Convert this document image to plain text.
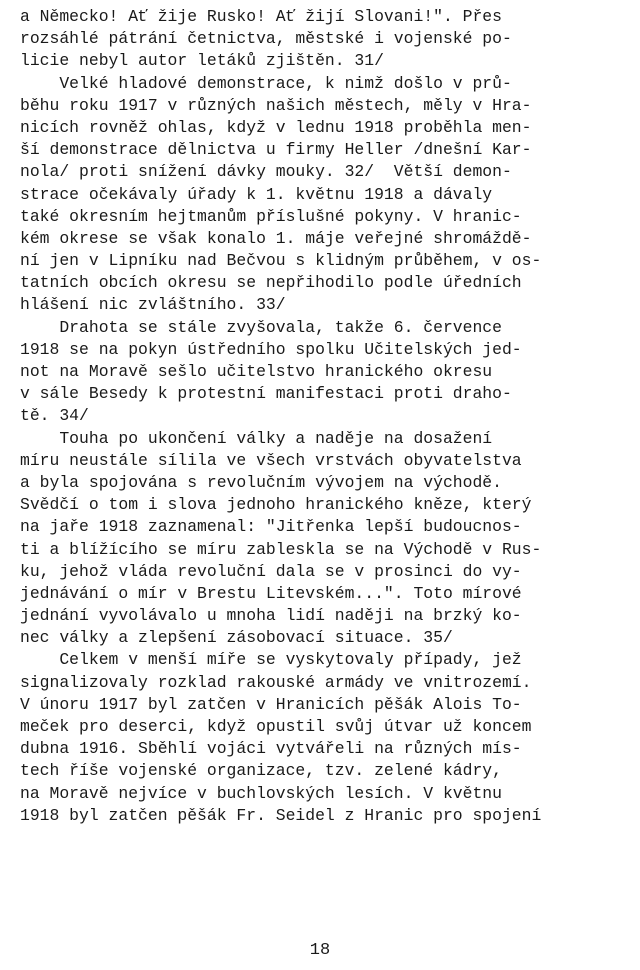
a Německo! Ať žije Rusko! Ať žijí Slovani!". Přes
rozsáhlé pátrání četnictva, městské i vojenské po-
licie nebyl autor letáků zjištěn. 31/
Velké hladové demonstrace, k nimž došlo v prů-
běhu roku 1917 v různých našich městech, měly v Hra-
nicích rovněž ohlas, když v lednu 1918 proběhla men-
ší demonstrace dělnictva u firmy Heller /dnešní Kar-
nola/ proti snížení dávky mouky. 32/  Větší demon-
strace očekávaly úřady k 1. květnu 1918 a dávaly
také okresním hejtmanům příslušné pokyny. V hranic-
kém okrese se však konalo 1. máje veřejné shromáždě-
ní jen v Lipníku nad Bečvou s klidným průběhem, v os-
tatních obcích okresu se nepřihodilo podle úředních
hlášení nic zvláštního. 33/
Drahota se stále zvyšovala, takže 6. července
1918 se na pokyn ústředního spolku Učitelských jed-
not na Moravě sešlo učitelstvo hranického okresu
v sále Besedy k protestní manifestaci proti draho-
tě. 34/
Touha po ukončení války a naděje na dosažení
míru neustále sílila ve všech vrstvách obyvatelstva
a byla spojována s revolučním vývojem na východě.
Svědčí o tom i slova jednoho hranického kněze, který
na jaře 1918 zaznamenal: "Jitřenka lepší budoucnos-
ti a blížícího se míru zableskla se na Východě v Rus-
ku, jehož vláda revoluční dala se v prosinci do vy-
jednávání o mír v Brestu Litevském...". Toto mírové
jednání vyvolávalo u mnoha lidí naději na brzký ko-
nec války a zlepšení zásobovací situace. 35/
Celkem v menší míře se vyskytovaly případy, jež
signalizovaly rozklad rakouské armády ve vnitrozemí.
V únoru 1917 byl zatčen v Hranicích pěšák Alois To-
meček pro deserci, když opustil svůj útvar už koncem
dubna 1916. Sběhlí vojáci vytvářeli na různých mís-
tech říše vojenské organizace, tzv. zelené kádry,
na Moravě nejvíce v buchlovských lesích. V květnu
1918 byl zatčen pěšák Fr. Seidel z Hranic pro spojení
18
